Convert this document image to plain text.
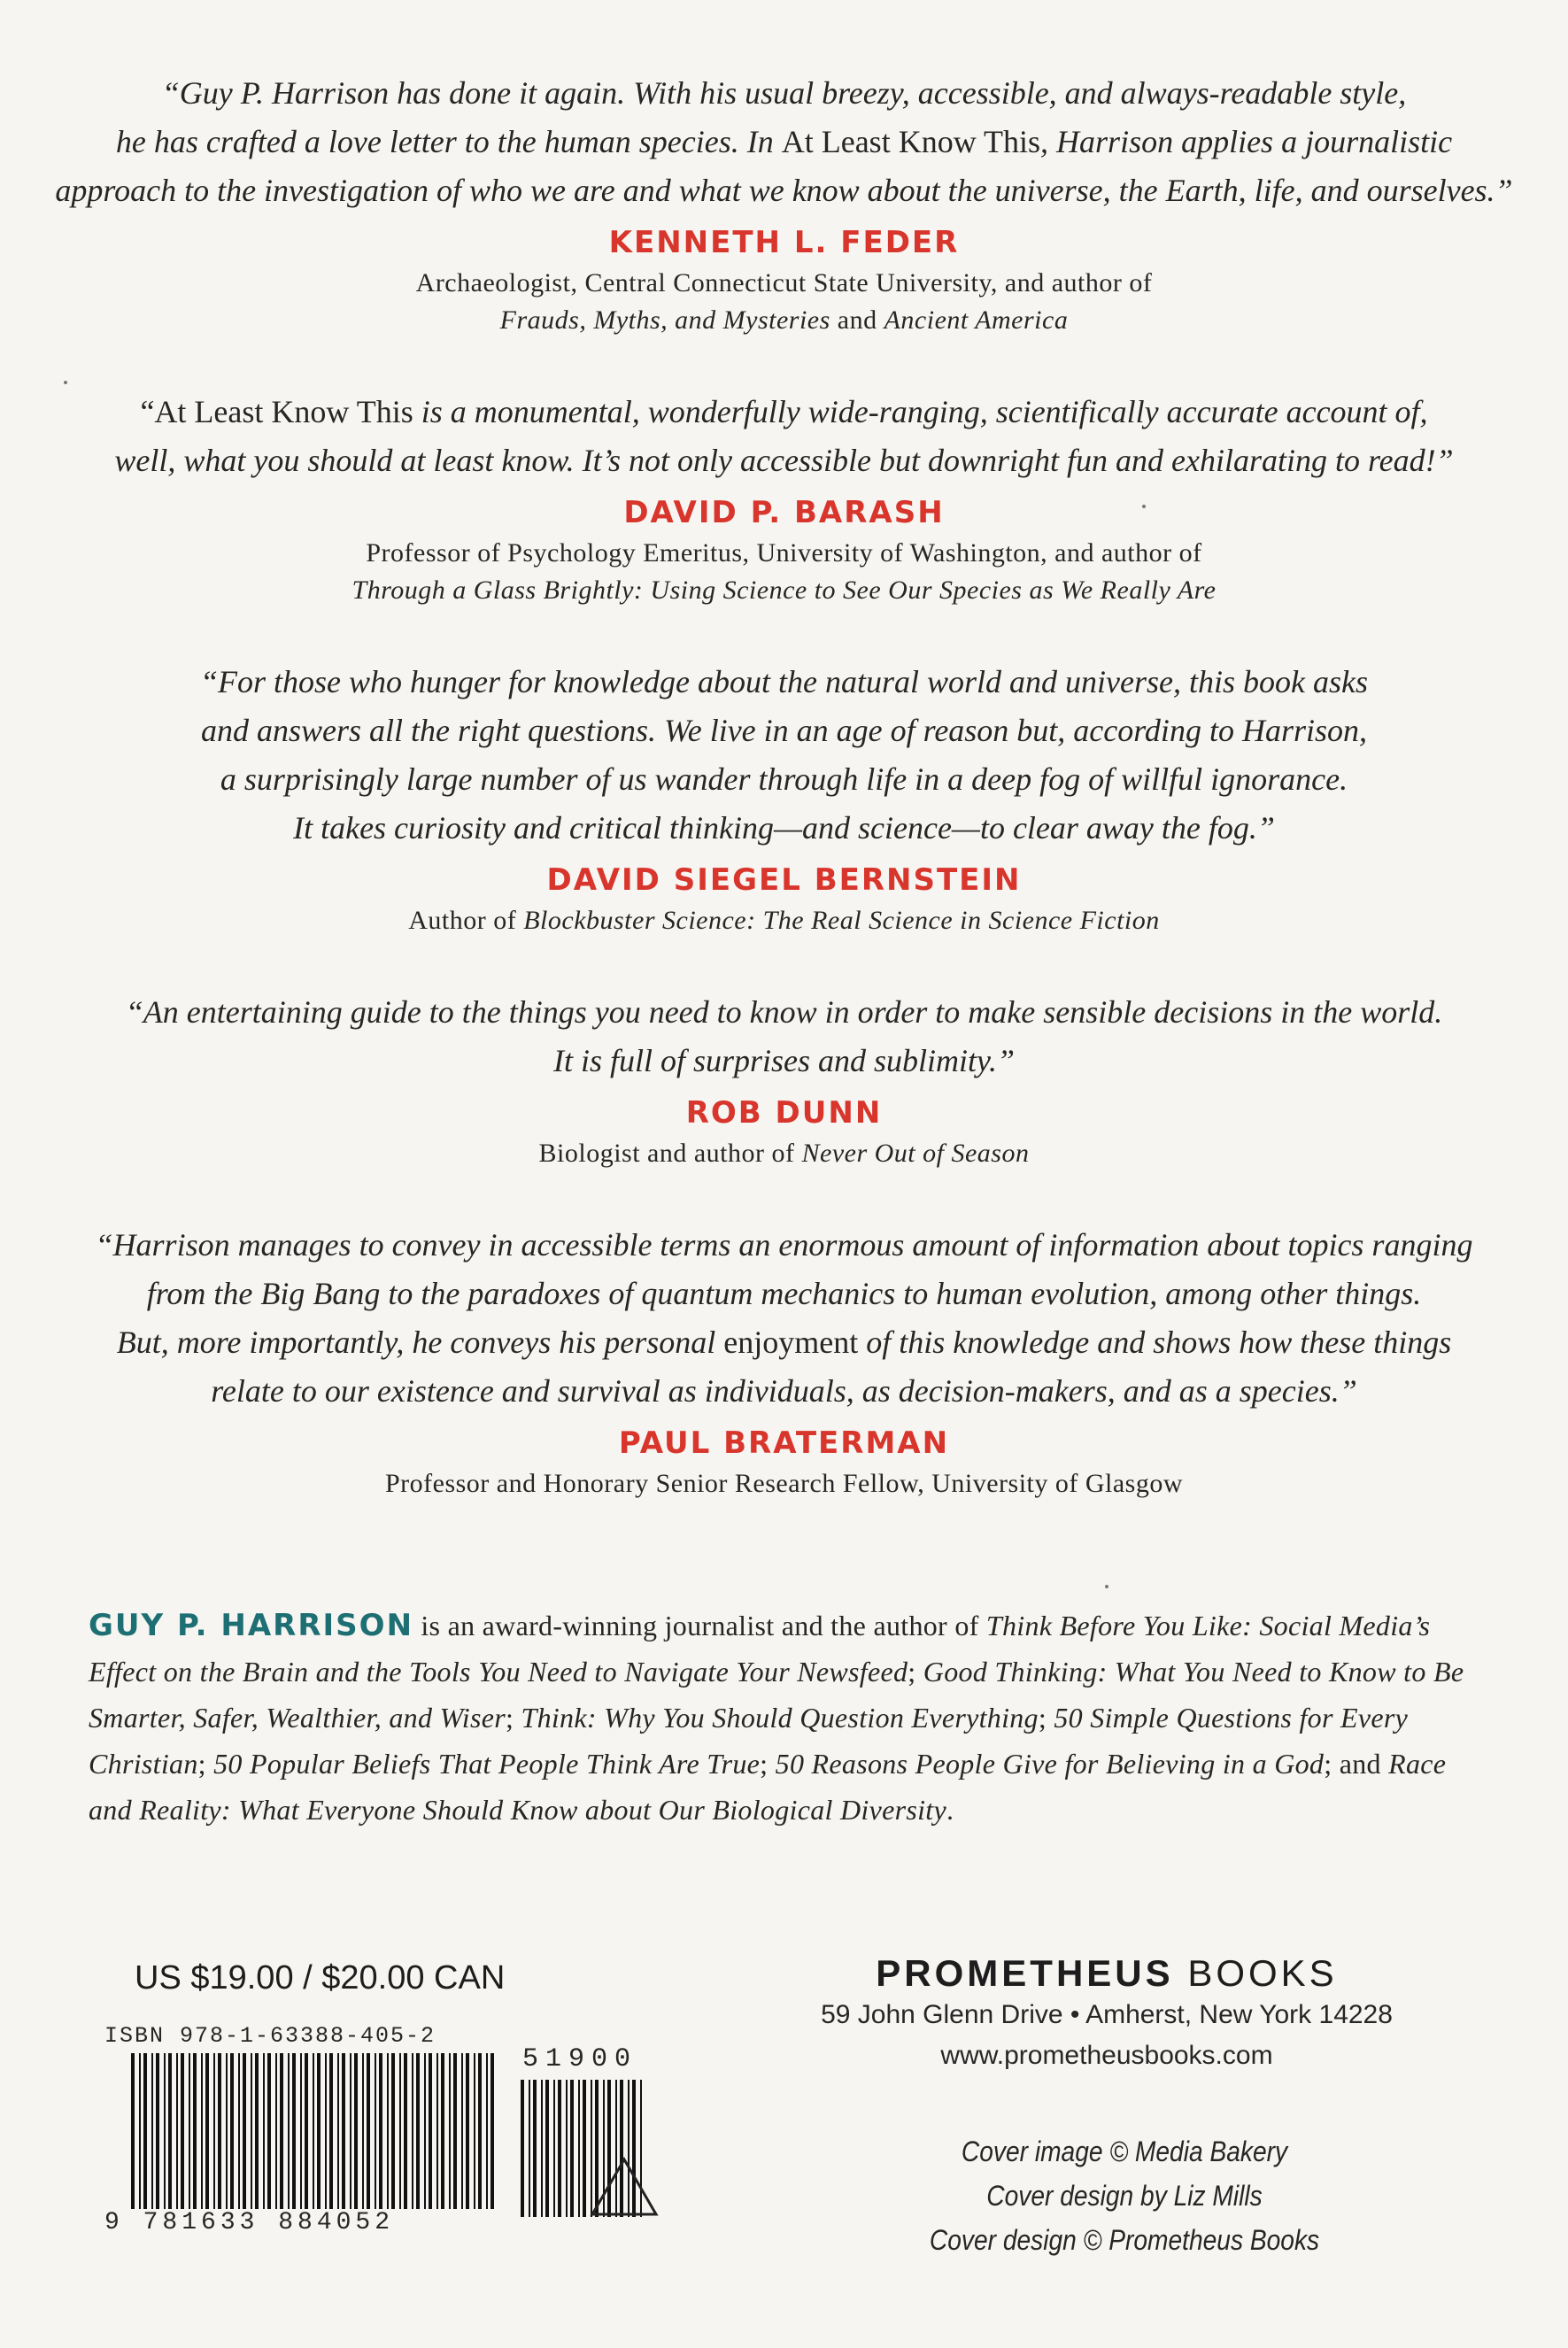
“Guy P. Harrison has done it again. With his usual breezy, accessible, and always-readable style,
he has crafted a love letter to the human species. In At Least Know This, Harrison applies a journalistic
approach to the investigation of who we are and what we know about the universe, the Earth, life, and ourselves.”
KENNETH L. FEDER
Archaeologist, Central Connecticut State University, and author of
Frauds, Myths, and Mysteries and Ancient America
“At Least Know This is a monumental, wonderfully wide-ranging, scientifically accurate account of,
well, what you should at least know. It’s not only accessible but downright fun and exhilarating to read!”
DAVID P. BARASH
Professor of Psychology Emeritus, University of Washington, and author of
Through a Glass Brightly: Using Science to See Our Species as We Really Are
“For those who hunger for knowledge about the natural world and universe, this book asks
and answers all the right questions. We live in an age of reason but, according to Harrison,
a surprisingly large number of us wander through life in a deep fog of willful ignorance.
It takes curiosity and critical thinking—and science—to clear away the fog.”
DAVID SIEGEL BERNSTEIN
Author of Blockbuster Science: The Real Science in Science Fiction
“An entertaining guide to the things you need to know in order to make sensible decisions in the world.
It is full of surprises and sublimity.”
ROB DUNN
Biologist and author of Never Out of Season
“Harrison manages to convey in accessible terms an enormous amount of information about topics ranging
from the Big Bang to the paradoxes of quantum mechanics to human evolution, among other things.
But, more importantly, he conveys his personal enjoyment of this knowledge and shows how these things
relate to our existence and survival as individuals, as decision-makers, and as a species.”
PAUL BRATERMAN
Professor and Honorary Senior Research Fellow, University of Glasgow
GUY P. HARRISON is an award-winning journalist and the author of Think Before You Like: Social Media’s Effect on the Brain and the Tools You Need to Navigate Your Newsfeed; Good Thinking: What You Need to Know to Be Smarter, Safer, Wealthier, and Wiser; Think: Why You Should Question Everything; 50 Simple Questions for Every Christian; 50 Popular Beliefs That People Think Are True; 50 Reasons People Give for Believing in a God; and Race and Reality: What Everyone Should Know about Our Biological Diversity.
US $19.00 / $20.00 CAN
ISBN 978-1-63388-405-2
51900
9 781633 884052
PROMETHEUS BOOKS
59 John Glenn Drive • Amherst, New York 14228
www.prometheusbooks.com
Cover image © Media Bakery
Cover design by Liz Mills
Cover design © Prometheus Books
